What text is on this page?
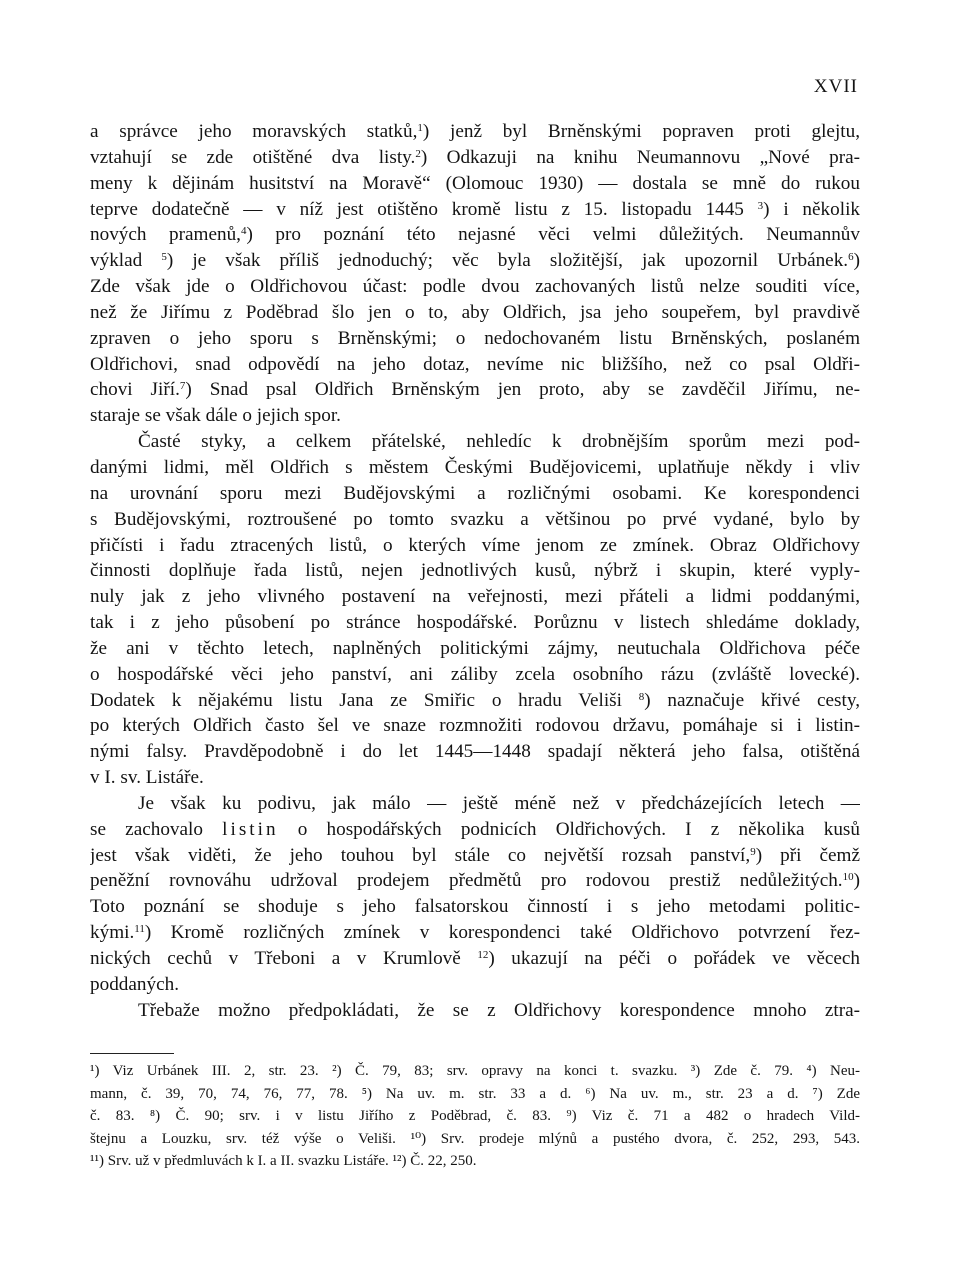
XVII
a správce jeho moravských statků,$^1$) jenž byl Brněnskými popraven proti glejtu,
vztahují se zde otištěné dva listy.$^2$) Odkazuji na knihu Neumannovu „Nové pra-
meny k dějinám husitství na Moravě“ (Olomouc 1930) — dostala se mně do rukou
teprve dodatečně — v níž jest otištěno kromě listu z 15. listopadu 1445 $^3$) i několik
nových pramenů,$^4$) pro poznání této nejasné věci velmi důležitých. Neumannův
výklad $^5$) je však příliš jednoduchý; věc byla složitější, jak upozornil Urbánek.$^6$)
Zde však jde o Oldřichovou účast: podle dvou zachovaných listů nelze souditi více,
než že Jiřímu z Poděbrad šlo jen o to, aby Oldřich, jsa jeho soupeřem, byl pravdivě
zpraven o jeho sporu s Brněnskými; o nedochovaném listu Brněnských, poslaném
Oldřichovi, snad odpovědí na jeho dotaz, nevíme nic bližšího, než co psal Oldři-
chovi Jiří.$^7$) Snad psal Oldřich Brněnským jen proto, aby se zavděčil Jiřímu, ne-
staraje se však dále o jejich spor.
Časté styky, a celkem přátelské, nehledíc k drobnějším sporům mezi pod-
danými lidmi, měl Oldřich s městem Českými Budějovicemi, uplatňuje někdy i vliv
na urovnání sporu mezi Budějovskými a rozličnými osobami. Ke korespondenci
s Budějovskými, roztroušené po tomto svazku a většinou po prvé vydané, bylo by
přičísti i řadu ztracených listů, o kterých víme jenom ze zmínek. Obraz Oldřichovy
činnosti doplňuje řada listů, nejen jednotlivých kusů, nýbrž i skupin, které vyply-
nuly jak z jeho vlivného postavení na veřejnosti, mezi přáteli a lidmi poddanými,
tak i z jeho působení po stránce hospodářské. Porůznu v listech shledáme doklady,
že ani v těchto letech, naplněných politickými zájmy, neutuchala Oldřichova péče
o hospodářské věci jeho panství, ani záliby zcela osobního rázu (zvláště lovecké).
Dodatek k nějakému listu Jana ze Smiřic o hradu Veliši $^8$) naznačuje křivé cesty,
po kterých Oldřich často šel ve snaze rozmnožiti rodovou državu, pomáhaje si i listin-
nými falsy. Pravděpodobně i do let 1445—1448 spadají některá jeho falsa, otištěná
v I. sv. Listáře.
Je však ku podivu, jak málo — ještě méně než v předcházejících letech —
se zachovalo listin o hospodářských podnicích Oldřichových. I z několika kusů
jest však viděti, že jeho touhou byl stále co největší rozsah panství,$^9$) při čemž
peněžní rovnováhu udržoval prodejem předmětů pro rodovou prestiž nedůležitých.$^{10}$)
Toto poznání se shoduje s jeho falsatorskou činností i s jeho metodami politic-
kými.$^{11}$) Kromě rozličných zmínek v korespondenci také Oldřichovo potvrzení řez-
nických cechů v Třeboni a v Krumlově $^{12}$) ukazují na péči o pořádek ve věcech
poddaných.
Třebaže možno předpokládati, že se z Oldřichovy korespondence mnoho ztra-
¹) Viz Urbánek III. 2, str. 23. ²) Č. 79, 83; srv. opravy na konci t. svazku. ³) Zde č. 79. ⁴) Neu-
mann, č. 39, 70, 74, 76, 77, 78. ⁵) Na uv. m. str. 33 a d. ⁶) Na uv. m., str. 23 a d. ⁷) Zde
č. 83. ⁸) Č. 90; srv. i v listu Jiřího z Poděbrad, č. 83. ⁹) Viz č. 71 a 482 o hradech Vild-
štejnu a Louzku, srv. též výše o Veliši. ¹⁰) Srv. prodeje mlýnů a pustého dvora, č. 252, 293, 543.
¹¹) Srv. už v předmluvách k I. a II. svazku Listáře. ¹²) Č. 22, 250.
